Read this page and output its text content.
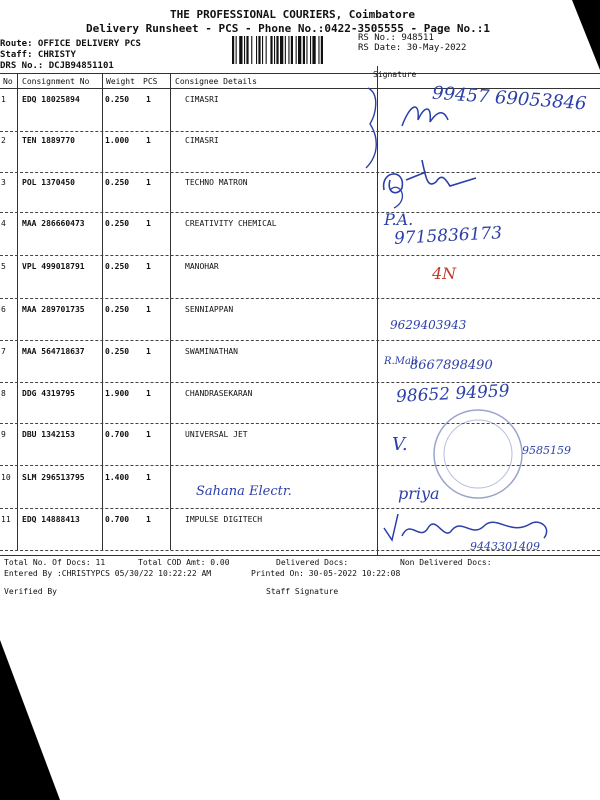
THE PROFESSIONAL COURIERS, Coimbatore
Delivery Runsheet - PCS - Phone No.:0422-3505555 - Page No.:1
Route: OFFICE DELIVERY PCS
Staff: CHRISTY
DRS No.: DCJB94851101
RS No.: 948511
RS Date: 30-May-2022
No Consignment No Weight PCS Consignee Details
Signature
1 EDQ 18025894	0.250 1	CIMASRI
2 TEN 1889770	1.000 1	CIMASRI
3 POL 1370450	0.250 1	TECHNO MATRON
4 MAA 286660473	0.250 1	CREATIVITY CHEMICAL
5 VPL 499018791	0.250 1	MANOHAR
6 MAA 289701735	0.250 1	SENNIAPPAN
7 MAA 564718637	0.250 1	SWAMINATHAN
8 DDG 4319795	1.900 1	CHANDRASEKARAN
9 DBU 1342153	0.700 1	UNIVERSAL JET
10 SLM 296513795	1.400 1
11 EDQ 14888413	0.700 1	IMPULSE DIGITECH
99457 69053846
P.A.
9715836173
4N
9629403943
R.Mall
8667898490
98652 94959
V.	9585159
Sahana Electr.	priya
9443301409
Total No. Of Docs: 11	Total COD Amt: 0.00	Delivered Docs:	Non Delivered Docs:
Entered By :CHRISTYPCS 05/30/22 10:22:22 AM	Printed On: 30-05-2022 10:22:08
Verified By	Staff Signature
